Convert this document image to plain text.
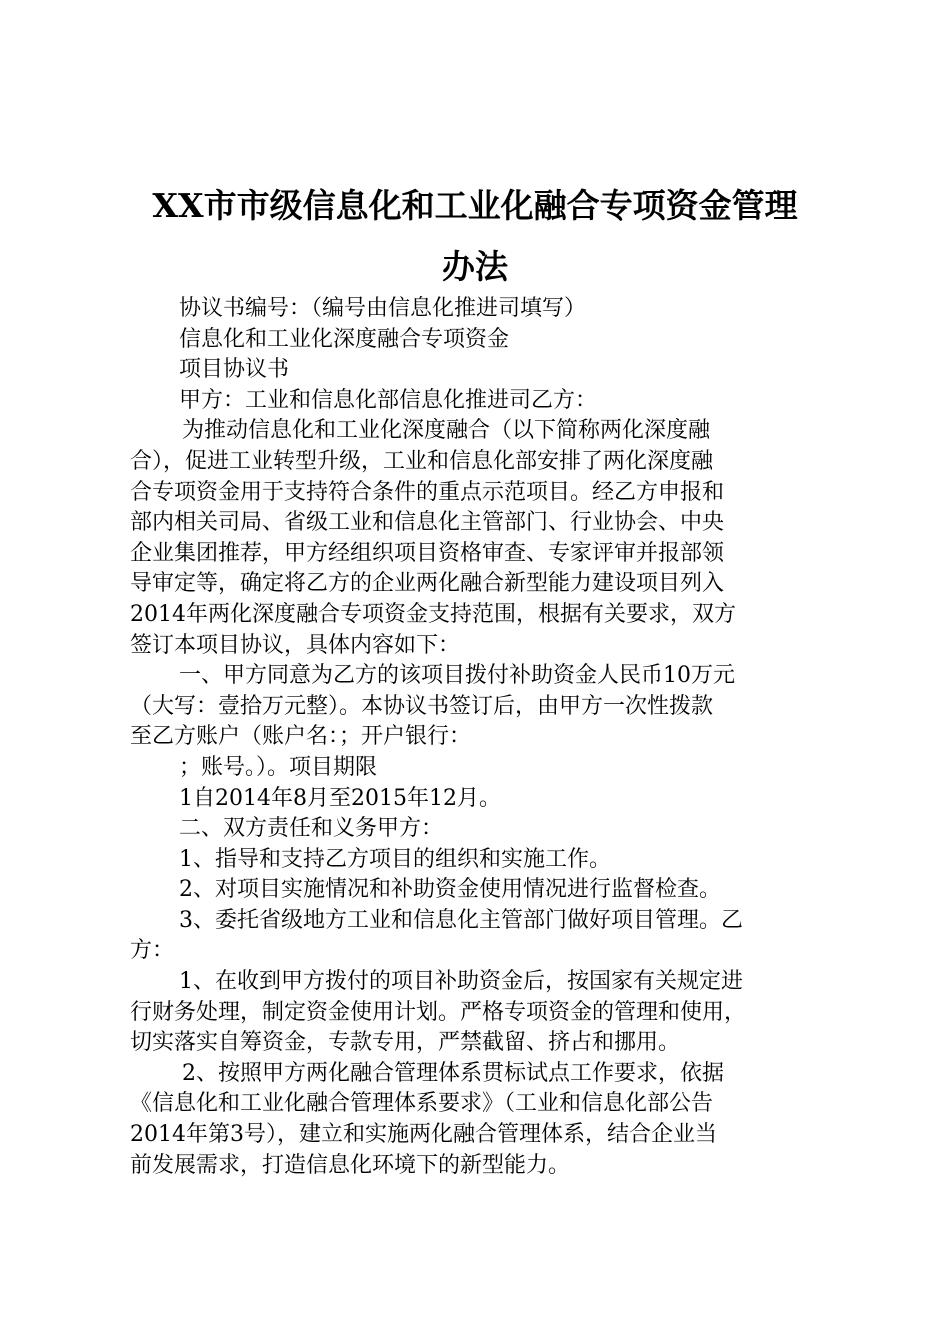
XX市市级信息化和工业化融合专项资金管理
办法

协议书编号：（编号由信息化推进司填写）

信息化和工业化深度融合专项资金

项目协议书

甲方：工业和信息化部信息化推进司乙方：

为推动信息化和工业化深度融合（以下简称两化深度融

合），促进工业转型升级，工业和信息化部安排了两化深度融

合专项资金用于支持符合条件的重点示范项目。经乙方申报和

部内相关司局、省级工业和信息化主管部门、行业协会、中央

企业集团推荐，甲方经组织项目资格审查、专家评审并报部领

导审定等，确定将乙方的企业两化融合新型能力建设项目列入

2014年两化深度融合专项资金支持范围，根据有关要求，双方

签订本项目协议，具体内容如下：

一、甲方同意为乙方的该项目拨付补助资金人民币10万元

（大写：壹拾万元整）。本协议书签订后，由甲方一次性拨款

至乙方账户（账户名：；开户银行：

；账号。）。项目期限

1自2014年8月至2015年12月。

二、双方责任和义务甲方：

1、指导和支持乙方项目的组织和实施工作。

2、对项目实施情况和补助资金使用情况进行监督检查。

3、委托省级地方工业和信息化主管部门做好项目管理。乙

方：

1、在收到甲方拨付的项目补助资金后，按国家有关规定进

行财务处理，制定资金使用计划。严格专项资金的管理和使用，

切实落实自筹资金，专款专用，严禁截留、挤占和挪用。

2、按照甲方两化融合管理体系贯标试点工作要求，依据

《信息化和工业化融合管理体系要求》（工业和信息化部公告

2014年第3号），建立和实施两化融合管理体系，结合企业当

前发展需求，打造信息化环境下的新型能力。
